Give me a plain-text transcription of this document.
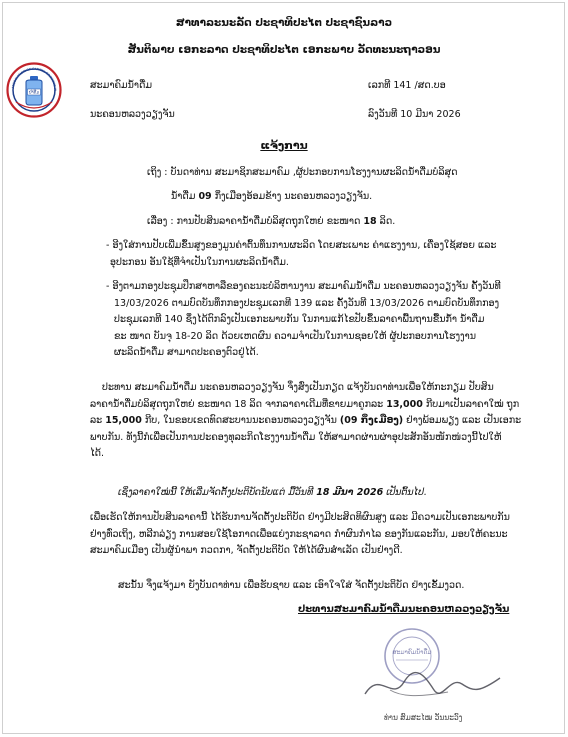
ສາທາລະນະລັດ ປະຊາທິປະໄຕ ປະຊາຊົນລາວ
ສັນຕິພາບ ເອກະລາດ ປະຊາທິປະໄຕ ເອກະພາບ ວັດທະນະຖາວອນ
ASSOCIATION OF CAPITAL DRINKING W
ນຳ້ດື່ມ
ສະມາຄົມນໍ້າດື່ມ	ເລກທີ 141 /ສດ.ບອ
ນະຄອນຫລວງວຽງຈັນ	ລົງວັນທີ 10 ມີນາ 2026
ແຈ້ງການ
ເຖິງ : ບັນດາທ່ານ ສະມາຊິກສະມາຄົມ ,ຜູ້ປະກອບການໂຮງງານຜະລິດນ້ຳດື່ມບໍລິສຸດ
ນ້ຳດື່ມ 09 ກິ່ງເມືອງອ້ອມຂ້າງ ນະຄອນຫລວງວຽງຈັນ.
ເລື່ອງ : ການປັບສິນລາຄານ້ຳດື່ມບໍລິສຸດຖຸກໃຫຍ່ ຂະໜາດ 18 ລິດ.
- ອີງໃສ່ການປັບເພີ່ມຂຶ້ນສູງຂອງມູນຄ່າຕົ້ນທຶນການຜະລິດ ໂດຍສະເພາະ ຄ່າແຮງງານ, ເຄື່ອງໃຊ້ສອຍ ແລະ
ອຸປະກອນ ອັນໃຊ້ທີ່ຈຳເປັນໃນການຜະລິດນ້ຳດື່ມ.
- ອີງຕາມກອງປະຊຸມປຶກສາຫາລືຂອງຄະນະບໍລິຫານງານ ສະມາຄົມນ້ຳດື່ມ ນະຄອນຫລວງວຽງຈັນ ຄັ້ງວັນທີ
13/03/2026 ຕາມບົດບັນທຶກກອງປະຊຸມເລກທີ 139 ແລະ ຄັ້ງວັນທີ 13/03/2026 ຕາມບົດບັນທຶກກອງ
ປະຊຸມເລກທີ 140 ຊຶ່ງໄດ້ຕົກລົງເປັນເອກະພາບກັນ ໃນການແກ້ໄຂປັບຂຶ້ນລາຄາພື້ນຖານຂື້ນກ້ຳ ນ້ຳດື່ມ
ຂະ ໜາດ ບັນຈຸ 18-20 ລິດ ດ້ວຍເຫດຜົນ ຄວາມຈຳເປັນໃນການຊອຍໃຫ້ ຜູ້ປະກອບການໂຮງງານ
ຜະລິດນ້ຳດື່ມ ສາມາດປະຄອງຕົວຢູ່ໄດ້.
ປະທານ ສະມາຄົມນ້ຳດື່ມ ນະຄອນຫລວງວຽງຈັນ ຈຶ່ງສົ່ງເປັນກຽດ ແຈ້ງບັນດາທ່ານເພື່ອໃຫ້ກະກຽມ ປັບສິນ
ລາຄານ້ຳດື່ມບໍລິສຸດຖຸກໃຫຍ່ ຂະໜາດ 18 ລິດ ຈາກລາຄາເດີມທີ່ຂາຍມາຄູກລະ 13,000 ກີບມາເປັນລາຄາໃໝ່ ຖຸກ
ລະ 15,000 ກີບ, ໃນຂອບເຂດທົດສະບານນະຄອນຫລວງວຽງຈັນ (09 ກິ່ງເມືອງ) ຢ່າງພ້ອມພຽງ ແລະ ເປັນເອກະ
ພາບກັນ. ທັງນີ້ກໍເພື່ອເປັນການປະຄອງທຸລະກິດໂຮງງານນ້ຳດື່ມ ໃຫ້ສາມາດຜ່ານຜ່າອຸປະສັກອັນໜັກໜ່ວງນີ້ໄປໃຫ້
ໄດ້.
ເຊິ່ງລາຄາໃໝ່ນີ້ ໃຫ້ເລີ່ມຈັດຕັ້ງປະຕິບັດນັບແຕ່ ມື້ວັນທີ 18 ມີນາ 2026 ເປັນຕົ້ນໄປ.
ເພື່ອເຮັດໃຫ້ການປັບສິນລາຄານີ້ ໄດ້ຮັບການຈັດຕັ້ງປະຕິບັດ ຢ່າງມີປະສິດທິຜົນສູງ ແລະ ມີຄວາມເປັນເອກະພາບກັນ
ຢ່າງທົ່ວເຖິງ, ຫລີກລ່ຽງ ການສອຍໃຊ້ໂອກາດເພື່ອແຍ່ງກະຊາລາດ ກຳຜົນກຳໄລ ຂອງກັນແລະກັນ, ມອບໃຫ້ຄະນະ
ສະມາຄົມເມືອງ ເປັນຜູ້ນຳພາ ກວດກາ, ຈັດຕັ້ງປະຕິບັດ ໃຫ້ໄດ້ຜົນສຳເລັດ ເປັນຢ່າງດີ.
ສະນັ້ນ ຈຶ່ງແຈ້ງມາ ຍັງບັນດາທ່ານ ເພື່ອຮັບຊາບ ແລະ ເອົາໃຈໃສ່ ຈັດຕັ້ງປະຕິບັດ ຢ່າງເຂັ້ມງວດ.
ປະທານສະມາຄົມນ້ຳດື່ມນະຄອນຫລວງວຽງຈັນ
ສະມາຄົມນ້ຳດື່ມ
ທ່ານ ສົມສະໄໝ ວັນນະວົງ
